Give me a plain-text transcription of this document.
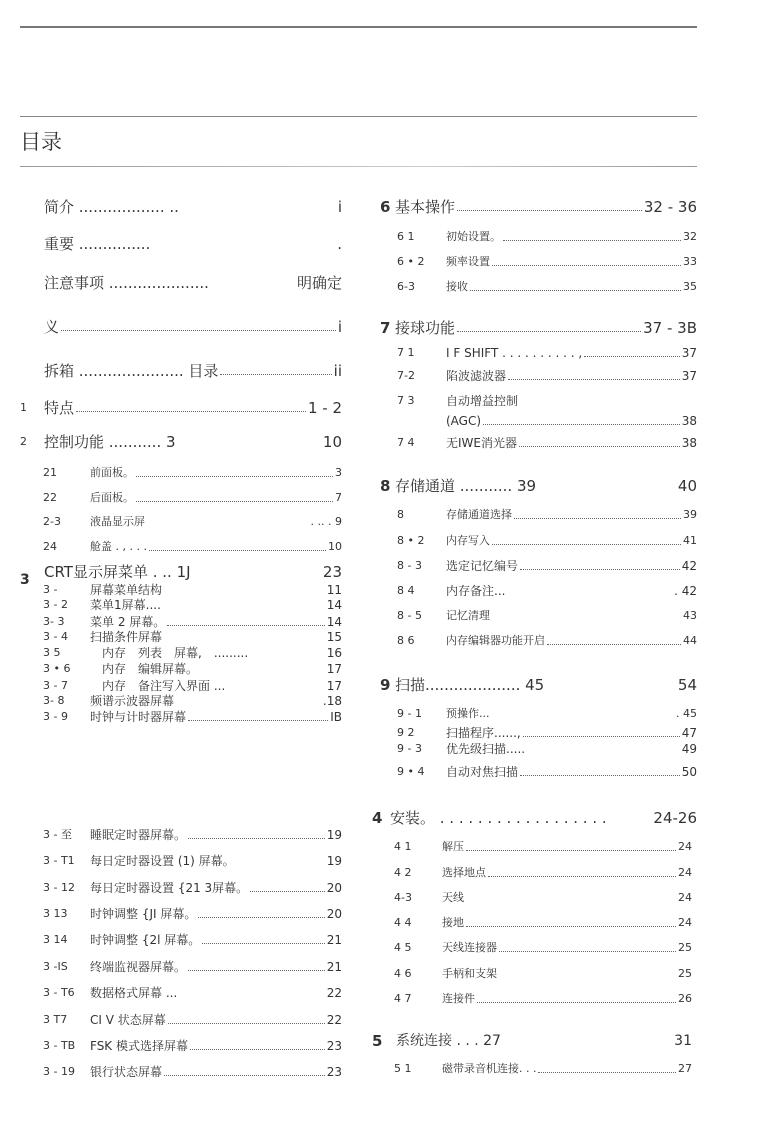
目录
简介 .................. ..	i
重要 ...............	.
注意事项 .....................	明确定
义	i
拆箱 ...................... 目录	ii
1 特点	1 - 2
2 控制功能 ........... 3	10
21	前面板。	3
22	后面板。	7
2-3	液晶显示屏	. .. . 9
24	舱盖 . , . . .	10
3 CRT显示屏菜单 . .. 1J	23
3 -	屏幕菜单结构	11
3 - 2 菜单1屏幕....	14
3- 3 菜单 2 屏幕。	14
3 - 4 扫描条件屏幕	15
3 5 　内存　列表　屏幕,　.........	16
3 • 6 　内存　编辑屏幕。	17
3 - 7 　内存　备注写入界面 ...	17
3- 8 频谱示波器屏幕	.18
3 - 9 时钟与计时器屏幕	IB
3 - 至 睡眠定时器屏幕。	19
3 - T1 每日定时器设置 (1) 屏幕。	19
3 - 12 每日定时器设置 {21 3屏幕。	20
3 13 时钟调整 {JI 屏幕。	20
3 14 时钟调整 {2l 屏幕。	21
3 -IS 终端监视器屏幕。	21
3 - T6 数据格式屏幕 ...	22
3 T7 CI V 状态屏幕	22
3 - TB FSK 模式选择屏幕	23
3 - 19 银行状态屏幕	23
6 基本操作	32 - 36
6 1	初始设置。	32
6 • 2 频率设置	33
6-3	接收	35
7 接球功能	37 - 3B
7 1	I F SHIFT . . . . . . . . . . ,	37
7-2	陷波滤波器	37
7 3	自动增益控制
(AGC)	38
7 4	无IWE消光器	38
8 存储通道 ........... 39	40
8	存储通道选择	39
8 • 2 内存写入	41
8 - 3 选定记忆编号	42
8 4	内存备注...	. 42
8 - 5 记忆清理	43
8 6	内存编辑器功能开启	44
9 扫描.................... 45	54
9 - 1 预操作...	. 45
9 2	扫描程序......,	47
9 - 3 优先级扫描.....	49
9 • 4 自动对焦扫描	50
4 安装。 . . . . . . . . . . . . . . . . . .	24-26
4 1	解压	24
4 2	选择地点	24
4-3	天线	24
4 4	接地	24
4 5	天线连接器	25
4 6	手柄和支架	25
4 7	连接件	26
5 系统连接 . . . 27	31
5 1	磁带录音机连接. . .	27
